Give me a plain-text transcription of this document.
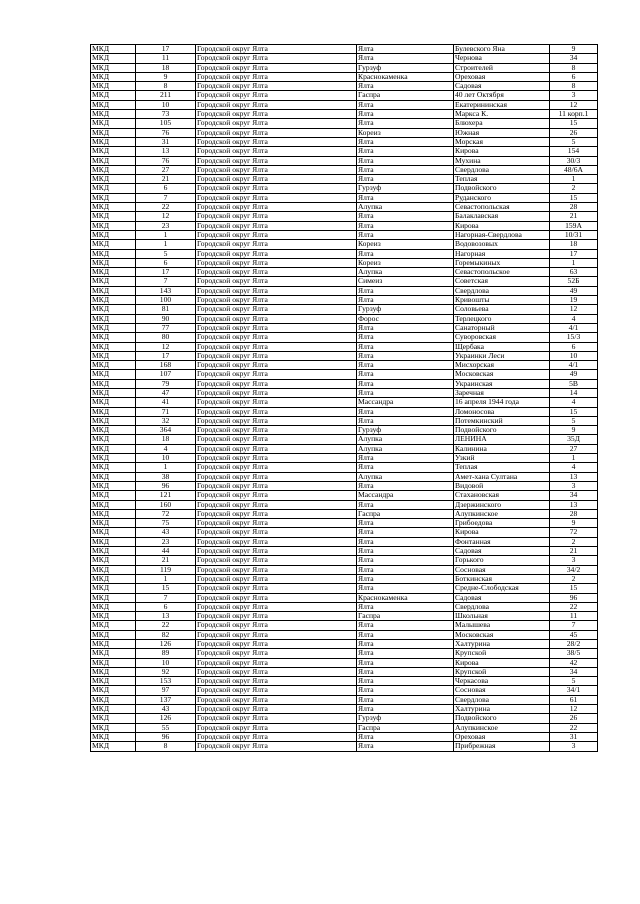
МКД	17	Городской округ Ялта	Ялта	Булевского Яна	9
МКД	11	Городской округ Ялта	Ялта	Чернова	34
МКД	18	Городской округ Ялта	Гурзуф	Строителей	8
МКД	9	Городской округ Ялта	Краснокаменка	Ореховая	6
МКД	8	Городской округ Ялта	Ялта	Садовая	8
МКД	211	Городской округ Ялта	Гаспра	40 лет Октября	3
МКД	10	Городской округ Ялта	Ялта	Екатерининская	12
МКД	73	Городской округ Ялта	Ялта	Маркса К.	11 корп.1
МКД	105	Городской округ Ялта	Ялта	Блюхера	15
МКД	76	Городской округ Ялта	Кореиз	Южная	26
МКД	31	Городской округ Ялта	Ялта	Морская	5
МКД	13	Городской округ Ялта	Ялта	Кирова	154
МКД	76	Городской округ Ялта	Ялта	Мухина	30/3
МКД	27	Городской округ Ялта	Ялта	Свердлова	48/6А
МКД	21	Городской округ Ялта	Ялта	Теплая	1
МКД	6	Городской округ Ялта	Гурзуф	Подвойского	2
МКД	7	Городской округ Ялта	Ялта	Руданского	15
МКД	22	Городской округ Ялта	Алупка	Севастопольская	28
МКД	12	Городской округ Ялта	Ялта	Балаклавская	21
МКД	23	Городской округ Ялта	Ялта	Кирова	159А
МКД	1	Городской округ Ялта	Ялта	Нагорная-Свердлова	10/31
МКД	1	Городской округ Ялта	Кореиз	Водовозовых	18
МКД	5	Городской округ Ялта	Ялта	Нагорная	17
МКД	6	Городской округ Ялта	Кореиз	Горемыкиных	1
МКД	17	Городской округ Ялта	Алупка	Севастопольское	63
МКД	7	Городской округ Ялта	Симеиз	Советская	52Б
МКД	143	Городской округ Ялта	Ялта	Свердлова	49
МКД	100	Городской округ Ялта	Ялта	Кривошты	19
МКД	81	Городской округ Ялта	Гурзуф	Соловьева	12
МКД	90	Городской округ Ялта	Форос	Терлецкого	4
МКД	77	Городской округ Ялта	Ялта	Санаторный	4/1
МКД	80	Городской округ Ялта	Ялта	Суворовская	15/3
МКД	12	Городской округ Ялта	Ялта	Щербака	6
МКД	17	Городской округ Ялта	Ялта	Украинки Леси	10
МКД	168	Городской округ Ялта	Ялта	Мисхорская	4/1
МКД	107	Городской округ Ялта	Ялта	Московская	49
МКД	79	Городской округ Ялта	Ялта	Украинская	5В
МКД	47	Городской округ Ялта	Ялта	Заречная	14
МКД	41	Городской округ Ялта	Массандра	16 апреля 1944 года	4
МКД	71	Городской округ Ялта	Ялта	Ломоносова	15
МКД	32	Городской округ Ялта	Ялта	Потемкинский	5
МКД	364	Городской округ Ялта	Гурзуф	Подвойского	9
МКД	18	Городской округ Ялта	Алупка	ЛЕНИНА	35Д
МКД	4	Городской округ Ялта	Алупка	Калинина	27
МКД	10	Городской округ Ялта	Ялта	Узкий	1
МКД	1	Городской округ Ялта	Ялта	Теплая	4
МКД	38	Городской округ Ялта	Алупка	Амет-хана Султана	13
МКД	96	Городской округ Ялта	Ялта	Видовой	3
МКД	121	Городской округ Ялта	Массандра	Стахановская	34
МКД	160	Городской округ Ялта	Ялта	Дзержинского	13
МКД	72	Городской округ Ялта	Гаспра	Алупкинское	28
МКД	75	Городской округ Ялта	Ялта	Грибоедова	9
МКД	43	Городской округ Ялта	Ялта	Кирова	72
МКД	23	Городской округ Ялта	Ялта	Фонтанная	2
МКД	44	Городской округ Ялта	Ялта	Садовая	21
МКД	21	Городской округ Ялта	Ялта	Горького	3
МКД	119	Городской округ Ялта	Ялта	Сосновая	34/2
МКД	1	Городской округ Ялта	Ялта	Боткинская	2
МКД	15	Городской округ Ялта	Ялта	Средне-Слободская	15
МКД	7	Городской округ Ялта	Краснокаменка	Садовая	96
МКД	6	Городской округ Ялта	Ялта	Свердлова	22
МКД	13	Городской округ Ялта	Гаспра	Школьная	11
МКД	22	Городской округ Ялта	Ялта	Малышева	7
МКД	82	Городской округ Ялта	Ялта	Московская	45
МКД	126	Городской округ Ялта	Ялта	Халтурина	28/2
МКД	89	Городской округ Ялта	Ялта	Крупской	38/5
МКД	10	Городской округ Ялта	Ялта	Кирова	42
МКД	92	Городской округ Ялта	Ялта	Крупской	34
МКД	153	Городской округ Ялта	Ялта	Черкасова	5
МКД	97	Городской округ Ялта	Ялта	Сосновая	34/1
МКД	137	Городской округ Ялта	Ялта	Свердлова	61
МКД	43	Городской округ Ялта	Ялта	Халтурина	12
МКД	126	Городской округ Ялта	Гурзуф	Подвойского	26
МКД	55	Городской округ Ялта	Гаспра	Алупкинское	22
МКД	96	Городской округ Ялта	Ялта	Ореховая	31
МКД	8	Городской округ Ялта	Ялта	Прибрежная	3
